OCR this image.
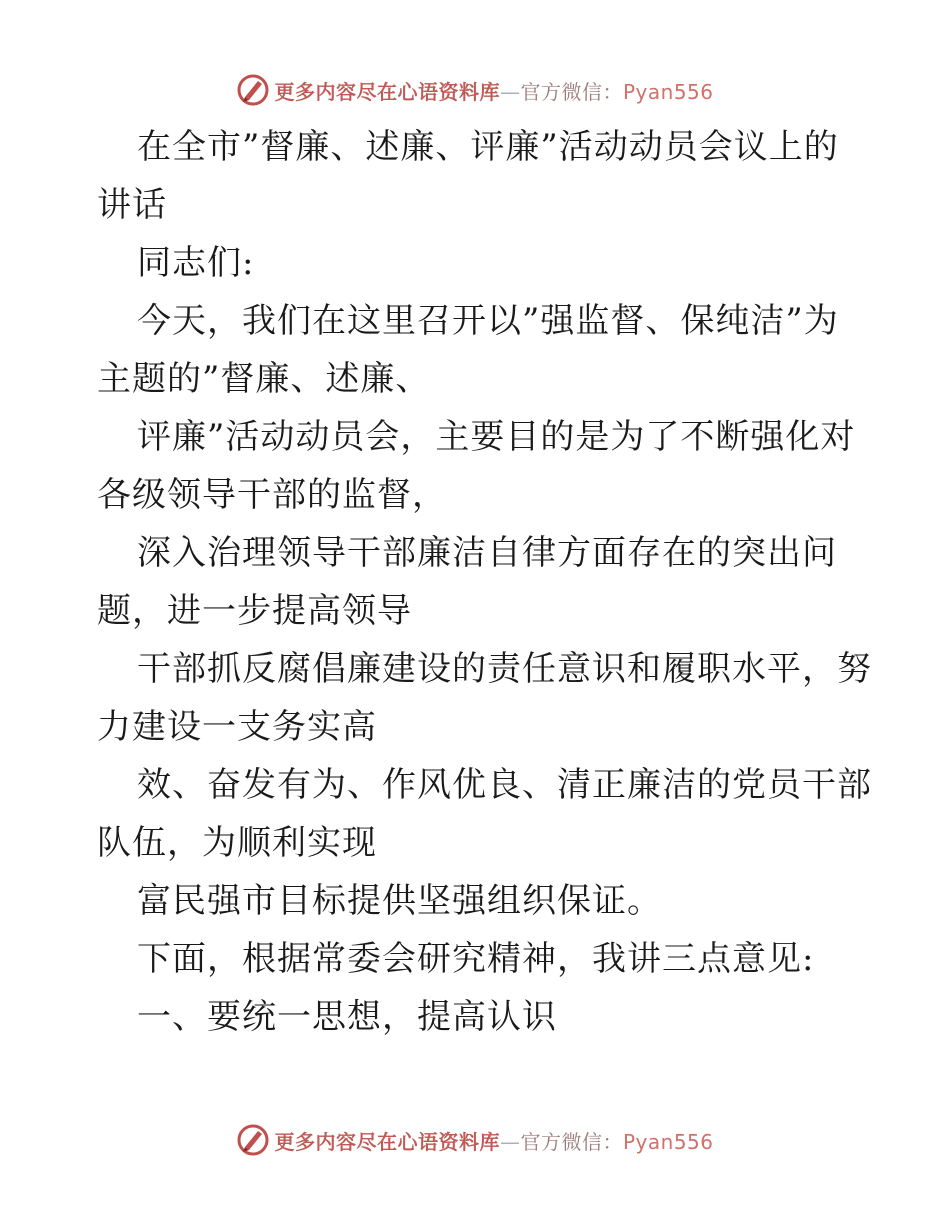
更多内容尽在心语资料库—官方微信：Pyan556
在全市”督廉、述廉、评廉”活动动员会议上的
讲话
同志们:
今天，我们在这里召开以”强监督、保纯洁”为
主题的”督廉、述廉、
评廉”活动动员会，主要目的是为了不断强化对
各级领导干部的监督，
深入治理领导干部廉洁自律方面存在的突出问
题，进一步提高领导
干部抓反腐倡廉建设的责任意识和履职水平，努
力建设一支务实高
效、奋发有为、作风优良、清正廉洁的党员干部
队伍，为顺利实现
富民强市目标提供坚强组织保证。
下面，根据常委会研究精神，我讲三点意见:
一、要统一思想，提高认识
更多内容尽在心语资料库—官方微信：Pyan556
